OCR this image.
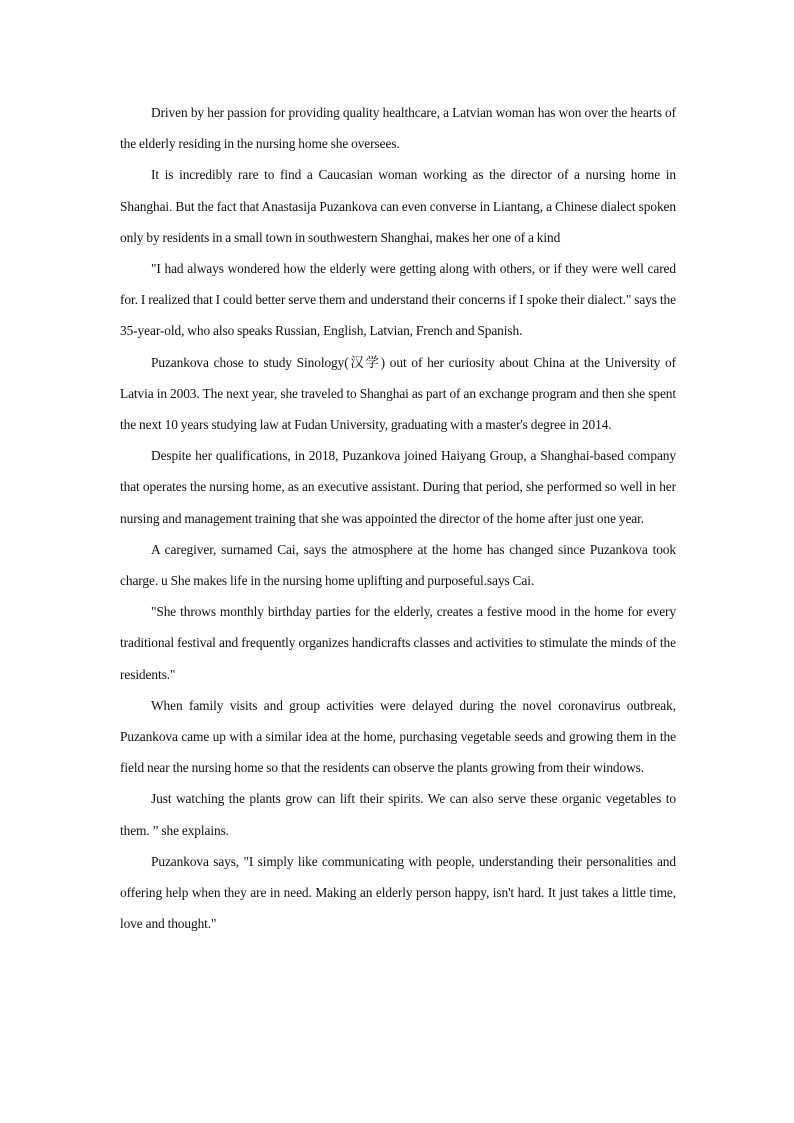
Driven by her passion for providing quality healthcare, a Latvian woman has won over the hearts of the elderly residing in the nursing home she oversees.

It is incredibly rare to find a Caucasian woman working as the director of a nursing home in Shanghai. But the fact that Anastasija Puzankova can even converse in Liantang, a Chinese dialect spoken only by residents in a small town in southwestern Shanghai, makes her one of a kind

"I had always wondered how the elderly were getting along with others, or if they were well cared for. I realized that I could better serve them and understand their concerns if I spoke their dialect." says the 35-year-old, who also speaks Russian, English, Latvian, French and Spanish.

Puzankova chose to study Sinology(汉学) out of her curiosity about China at the University of Latvia in 2003. The next year, she traveled to Shanghai as part of an exchange program and then she spent the next 10 years studying law at Fudan University, graduating with a master's degree in 2014.

Despite her qualifications, in 2018, Puzankova joined Haiyang Group, a Shanghai-based company that operates the nursing home, as an executive assistant. During that period, she performed so well in her nursing and management training that she was appointed the director of the home after just one year.

A caregiver, surnamed Cai, says the atmosphere at the home has changed since Puzankova took charge. u She makes life in the nursing home uplifting and purposeful.says Cai.

"She throws monthly birthday parties for the elderly, creates a festive mood in the home for every traditional festival and frequently organizes handicrafts classes and activities to stimulate the minds of the residents."

When family visits and group activities were delayed during the novel coronavirus outbreak, Puzankova came up with a similar idea at the home, purchasing vegetable seeds and growing them in the field near the nursing home so that the residents can observe the plants growing from their windows.

Just watching the plants grow can lift their spirits. We can also serve these organic vegetables to them. ” she explains.

Puzankova says, "I simply like communicating with people, understanding their personalities and offering help when they are in need. Making an elderly person happy, isn't hard. It just takes a little time, love and thought."
